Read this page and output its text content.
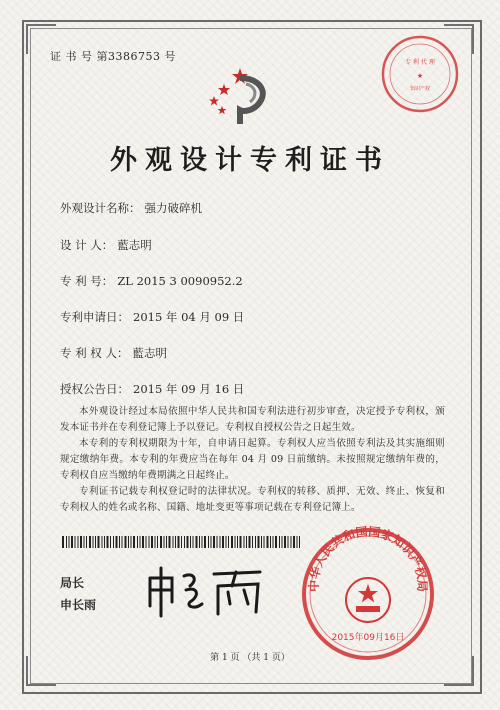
证 书 号 第3386753 号	专 利 代 理
★
知识产权
外观设计专利证书
外观设计名称： 强力破碎机
设 计 人： 藍志明
专 利 号： ZL 2015 3 0090952.2
专利申请日： 2015 年 04 月 09 日
专 利 权 人： 藍志明
授权公告日： 2015 年 09 月 16 日

本外观设计经过本局依照中华人民共和国专利法进行初步审查，决定授予专利权，颁发本证书并在专利登记簿上予以登记。专利权自授权公告之日起生效。

本专利的专利权期限为十年，自申请日起算。专利权人应当依照专利法及其实施细则规定缴纳年费。本专利的年费应当在每年 04 月 09 日前缴纳。未按照规定缴纳年费的，专利权自应当缴纳年费期满之日起终止。

专利证书记载专利权登记时的法律状况。专利权的转移、质押、无效、终止、恢复和专利权人的姓名或名称、国籍、地址变更等事项记载在专利登记簿上。

局长
申长雨
中华人民共和国国家知识产权局
2015年09月16日
第 1 页 （共 1 页）
